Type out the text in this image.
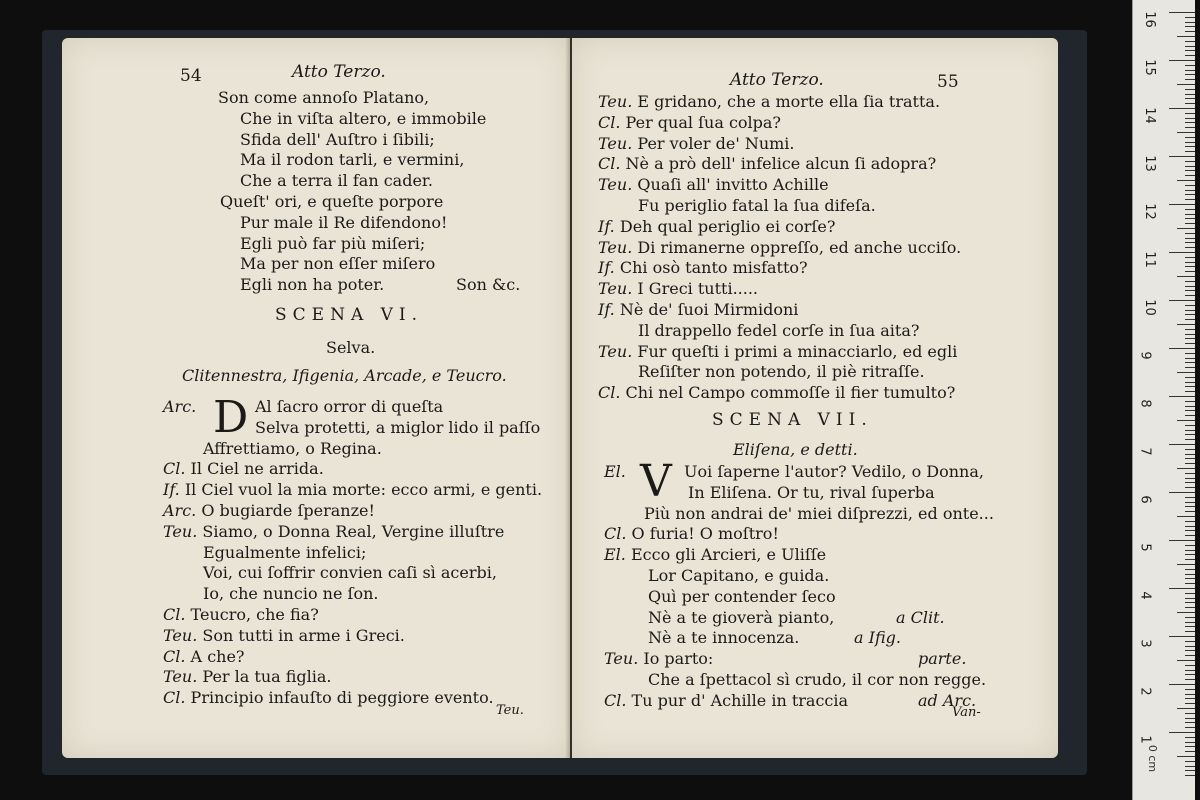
54	Atto Terzo.
Son come annoſo Platano,
Che in viſta altero, e immobile
Sfida dell' Auſtro i ſibili;
Ma il rodon tarli, e vermini,
Che a terra il fan cader.
Queſt' ori, e queſte porpore
Pur male il Re difendono!
Egli può far più miſeri;
Ma per non eſſer miſero
Egli non ha poter.	Son &c.
SCENA VI.
Selva.
Clitennestra, Ifigenia, Arcade, e Teucro.
D
Arc.	Al ſacro orror di queſta
Selva protetti, a miglor lido il paſſo
Affrettiamo, o Regina.
Cl. Il Ciel ne arrida.
If. Il Ciel vuol la mia morte: ecco armi, e genti.
Arc. O bugiarde ſperanze!
Teu. Siamo, o Donna Real, Vergine illuſtre
Egualmente infelici;
Voi, cui ſoffrir convien caſi sì acerbi,
Io, che nuncio ne ſon.
Cl. Teucro, che fia?
Teu. Son tutti in arme i Greci.
Cl. A che?
Teu. Per la tua figlia.
Cl. Principio infauſto di peggiore evento.
Teu.
Atto Terzo.	55
Teu. E gridano, che a morte ella ſia tratta.
Cl. Per qual ſua colpa?
Teu. Per voler de' Numi.
Cl. Nè a prò dell' infelice alcun ſi adopra?
Teu. Quaſi all' invitto Achille
Fu periglio fatal la ſua difeſa.
If. Deh qual periglio ei corſe?
Teu. Di rimanerne oppreſſo, ed anche ucciſo.
If. Chi osò tanto misfatto?
Teu. I Greci tutti.....
If. Nè de' ſuoi Mirmidoni
Il drappello fedel corſe in ſua aita?
Teu. Fur queſti i primi a minacciarlo, ed egli
Reſiſter non potendo, il piè ritraſſe.
Cl. Chi nel Campo commoſſe il fier tumulto?
SCENA VII.
Eliſena, e detti.
V
El.	Uoi ſaperne l'autor? Vedilo, o Donna,
In Eliſena. Or tu, rival ſuperba
Più non andrai de' miei diſprezzi, ed onte...
Cl. O furia! O moſtro!
El. Ecco gli Arcieri, e Uliſſe
Lor Capitano, e guida.
Quì per contender ſeco
Nè a te gioverà pianto,	a Clit.
Nè a te innocenza.	a Ifig.
Teu. Io parto:	parte.
Che a ſpettacol sì crudo, il cor non regge.
Cl. Tu pur d' Achille in traccia	ad Arc.
Van-
16
15
14
13
12
11
10
9
8
7
6
5
4
3
2
1
0 cm
